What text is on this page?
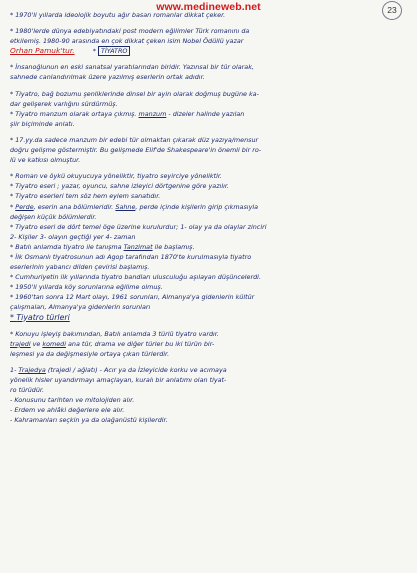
www.medineweb.net	23

* 1970'li yıllarda ideolojik boyutu ağır basan romanlar dikkat çeker.

* 1980'lerde dünya edebiyatındaki post modern eğilimler Türk romanını da

etkilemiş. 1980-90 arasında en çok dikkat çeken isim Nobel Ödüllü yazar

Orhan Pamuk'tur.	* TİYATRO

* İnsanoğlunun en eski sanatsal yaratılarından biridir. Yazınsal bir tür olarak,

sahnede canlandırılmak üzere yazılmış eserlerin ortak adıdır.

* Tiyatro, bağ bozumu şenliklerinde dinsel bir ayin olarak doğmuş bugüne ka-

dar gelişerek varlığını sürdürmüş.

* Tiyatro manzum olarak ortaya çıkmış. manzum - dizeler halinde yazılan

şiir biçiminde anlatı.

* 17.yy.da sadece manzum bir edebi tür olmaktan çıkarak düz yazıya/mensur

doğru gelişme göstermiştir. Bu gelişmede Elif'de Shakespeare'in önemli bir ro-

lü ve katkısı olmuştur.

* Roman ve öykü okuyucuya yöneliktir, tiyatro seyirciye yöneliktir.

* Tiyatro eseri ; yazar, oyuncu, sahne izleyici dörtgenine göre yazılır.

* Tiyatro eserleri tem söz hem eylem sanatıdır.

* Perde, eserin ana bölümleridir. Sahne, perde içinde kişilerin girip çıkmasıyla

değişen küçük bölümlerdir.

* Tiyatro eseri de dört temel öge üzerine kurulurdur; 1- olay ya da olaylar zinciri

2- Kişiler 3- olayın geçtiği yer 4- zaman

* Batılı anlamda tiyatro ile tanışma Tanzimat ile başlamış.

* İlk Osmanlı tiyatrosunun adı Agop tarafından 1870'te kurulmasıyla tiyatro

eserlerinin yabancı dilden çevirisi başlamış.

* Cumhuriyetin ilk yıllarında tiyatro bandları ulusculuğu aşılayan düşüncelerdi.

* 1950'li yıllarda köy sorunlarına eğilime olmuş.

* 1960'tan sonra 12 Mart olayı, 1961 sorunları, Almanya'ya gidenlerin kültür

çalışmaları, Almanya'ya gidenlerin sorunları

* Tiyatro türleri

* Konuyu işleyiş bakımından, Batılı anlamda 3 türlü tiyatro vardır.

trajedi ve komedi ana tür, drama ve diğer türler bu iki türün bir-

leşmesi ya da değişmesiyle ortaya çıkan türlerdir.

1- Trajedya (trajedi / ağlatı) - Acır ya da İzleyicide korku ve acımaya

yönelik hisler uyandırmayı amaçlayan, kuralı bir anlatımı olan tiyat-

ro türüdür.

- Konusunu tarihten ve mitolojiden alır.

- Erdem ve ahlâki değerlere ele alır.

- Kahramanları seçkin ya da olağanüstü kişilerdir.
